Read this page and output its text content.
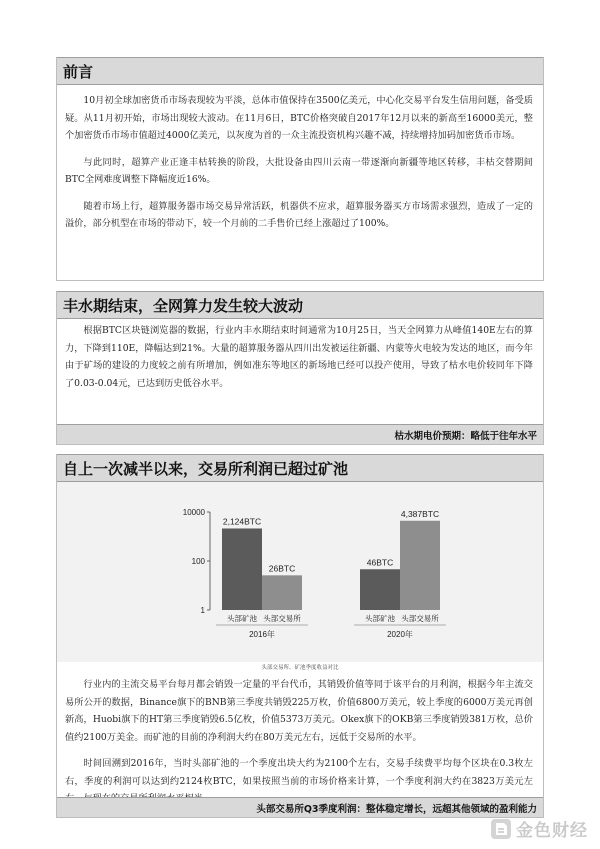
前言

10月初全球加密货币市场表现较为平淡，总体市值保持在3500亿美元，中心化交易平台发生信用问题，备受质疑。从11月初开始，市场出现较大波动。在11月6日，BTC价格突破自2017年12月以来的新高至16000美元，整个加密货币市场市值超过4000亿美元，以灰度为首的一众主流投资机构兴趣不减，持续增持加码加密货币市场。

与此同时，超算产业正逢丰枯转换的阶段，大批设备由四川云南一带逐渐向新疆等地区转移，丰枯交替期间BTC全网难度调整下降幅度近16%。

随着市场上行，超算服务器市场交易异常活跃，机器供不应求，超算服务器买方市场需求强烈，造成了一定的溢价，部分机型在市场的带动下，较一个月前的二手售价已经上涨超过了100%。

丰水期结束，全网算力发生较大波动

根据BTC区块链浏览器的数据，行业内丰水期结束时间通常为10月25日，当天全网算力从峰值140E左右的算力，下降到110E，降幅达到21%。大量的超算服务器从四川出发被运往新疆、内蒙等火电较为发达的地区，而今年由于矿场的建设的力度较之前有所增加，例如准东等地区的新场地已经可以投产使用，导致了枯水电价较同年下降了0.03-0.04元，已达到历史低谷水平。

枯水期电价预期：略低于往年水平
自上一次减半以来，交易所利润已超过矿池
10000
100
1
2,124BTC
头部矿池
26BTC
头部交易所
46BTC
头部矿池
4,387BTC
头部交易所
2016年	2020年
头部交易所、矿池季度收益对比

行业内的主流交易平台每月都会销毁一定量的平台代币，其销毁价值等同于该平台的月利润，根据今年主流交易所公开的数据，Binance旗下的BNB第三季度共销毁225万枚，价值6800万美元，较上季度的6000万美元再创新高，Huobi旗下的HT第三季度销毁6.5亿枚，价值5373万美元。Okex旗下的OKB第三季度销毁381万枚，总价值约2100万美金。而矿池的目前的净利润大约在80万美元左右，远低于交易所的水平。

时间回溯到2016年，当时头部矿池的一个季度出块大约为2100个左右，交易手续费平均每个区块在0.3枚左右，季度的利润可以达到约2124枚BTC，如果按照当前的市场价格来计算，一个季度利润大约在3823万美元左

头部交易所Q3季度利润：整体稳定增长，远超其他领域的盈利能力
金色财经
